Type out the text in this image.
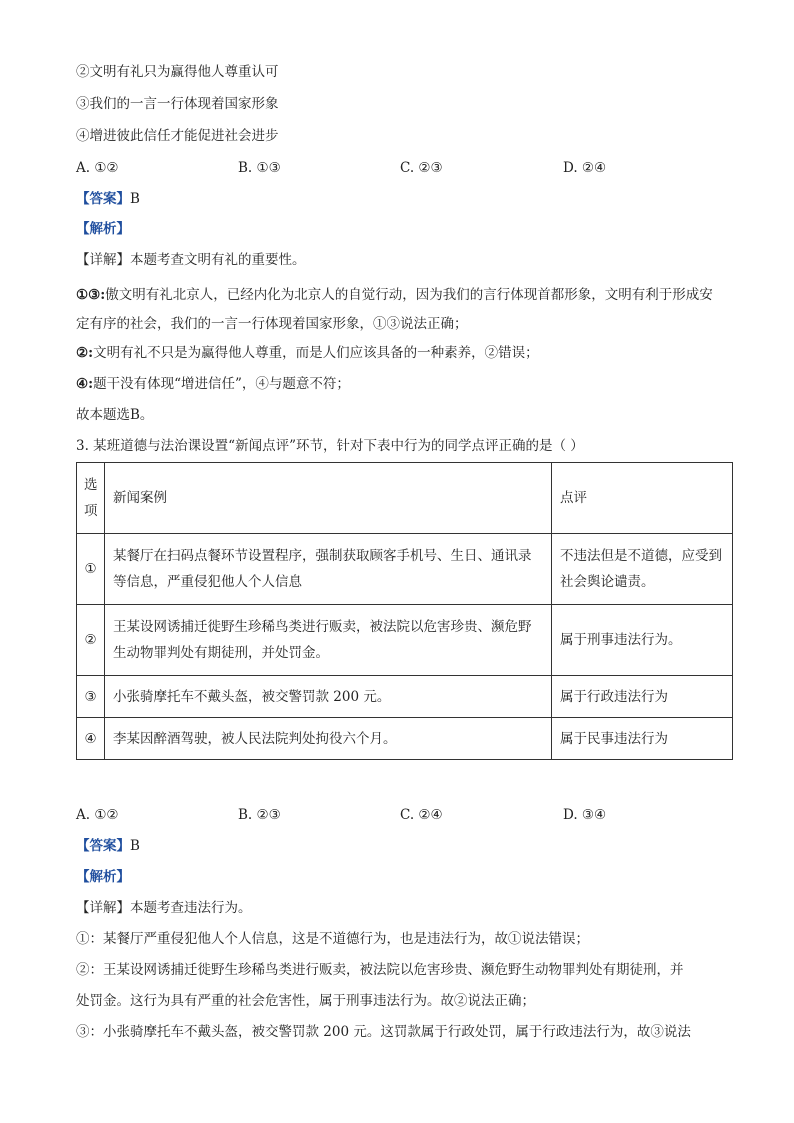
②文明有礼只为赢得他人尊重认可
③我们的一言一行体现着国家形象
④增进彼此信任才能促进社会进步
A. ①②	B. ①③	C. ②③	D. ②④
【答案】B
【解析】
【详解】本题考查文明有礼的重要性。
①③:傲文明有礼北京人，已经内化为北京人的自觉行动，因为我们的言行体现首都形象，文明有利于形成安定有序的社会，我们的一言一行体现着国家形象，①③说法正确；
②:文明有礼不只是为赢得他人尊重，而是人们应该具备的一种素养，②错误；
④:题干没有体现“增进信任”，④与题意不符；
故本题选B。
3. 某班道德与法治课设置“新闻点评”环节，针对下表中行为的同学点评正确的是（ ）
选项	新闻案例	点评
①	某餐厅在扫码点餐环节设置程序，强制获取顾客手机号、生日、通讯录等信息，严重侵犯他人个人信息	不违法但是不道德，应受到社会舆论谴责。
②	王某设网诱捕迁徙野生珍稀鸟类进行贩卖，被法院以危害珍贵、濒危野生动物罪判处有期徒刑，并处罚金。	属于刑事违法行为。
③	小张骑摩托车不戴头盔，被交警罚款 200 元。	属于行政违法行为
④	李某因醉酒驾驶，被人民法院判处拘役六个月。	属于民事违法行为
A. ①②	B. ②③	C. ②④	D. ③④
【答案】B
【解析】
【详解】本题考查违法行为。
①：某餐厅严重侵犯他人个人信息，这是不道德行为，也是违法行为，故①说法错误；
②：王某设网诱捕迁徙野生珍稀鸟类进行贩卖，被法院以危害珍贵、濒危野生动物罪判处有期徒刑，并
处罚金。这行为具有严重的社会危害性，属于刑事违法行为。故②说法正确；
③：小张骑摩托车不戴头盔，被交警罚款 200 元。这罚款属于行政处罚，属于行政违法行为，故③说法
